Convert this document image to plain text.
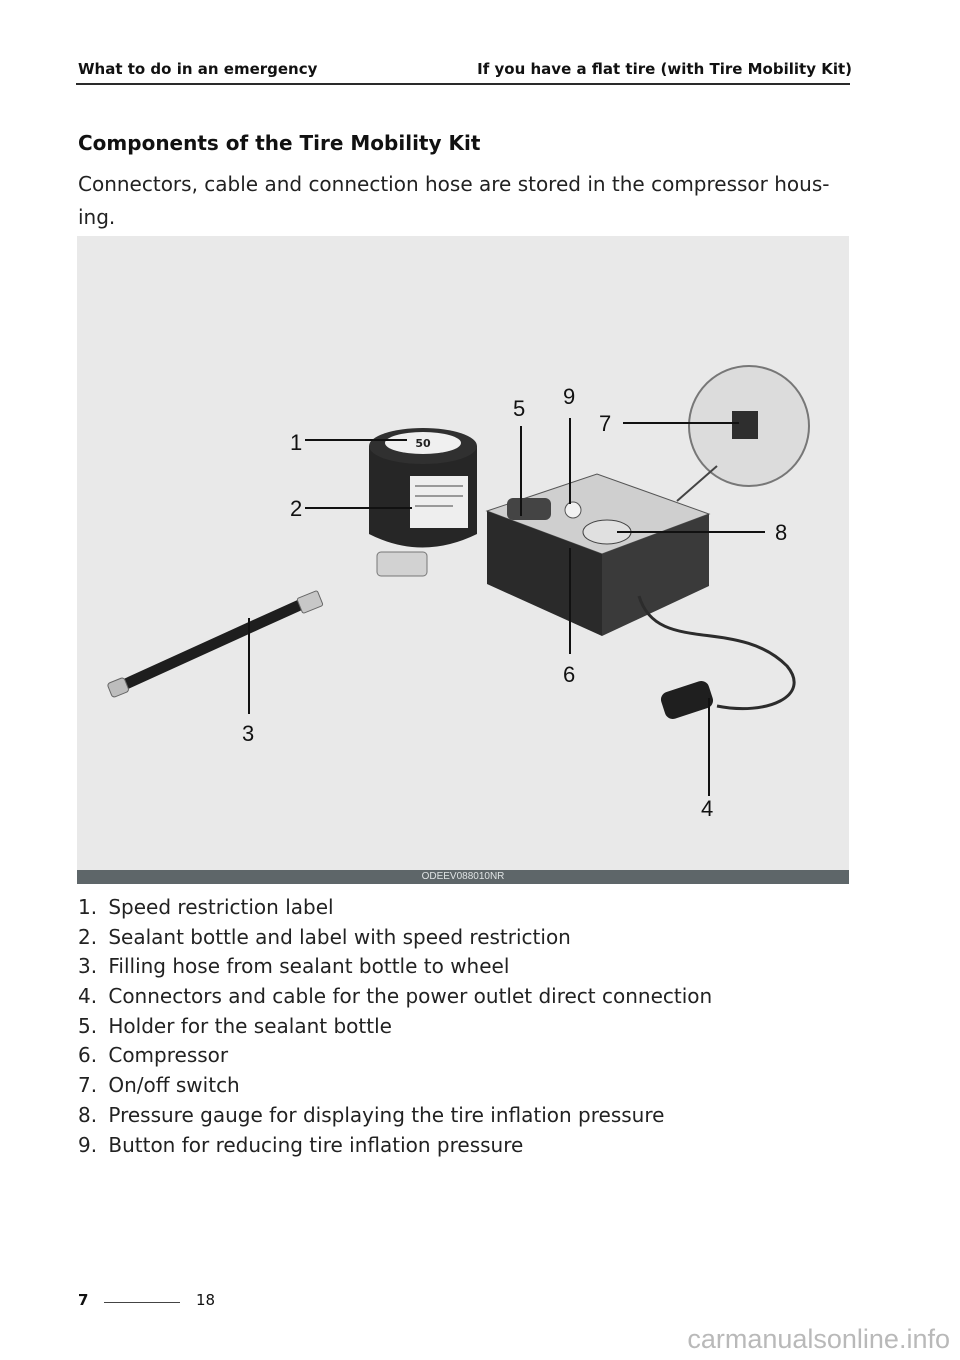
What to do in an emergency	If you have a flat tire (with Tire Mobility Kit)
Components of the Tire Mobility Kit
Connectors, cable and connection hose are stored in the compressor hous-ing.
50
1
2
3
4
5
6
7
8
9
ODEEV088010NR
1. Speed restriction label
2. Sealant bottle and label with speed restriction
3. Filling hose from sealant bottle to wheel
4. Connectors and cable for the power outlet direct connection
5. Holder for the sealant bottle
6. Compressor
7. On/off switch
8. Pressure gauge for displaying the tire inflation pressure
9. Button for reducing tire inflation pressure
7	18
carmanualsonline.info
